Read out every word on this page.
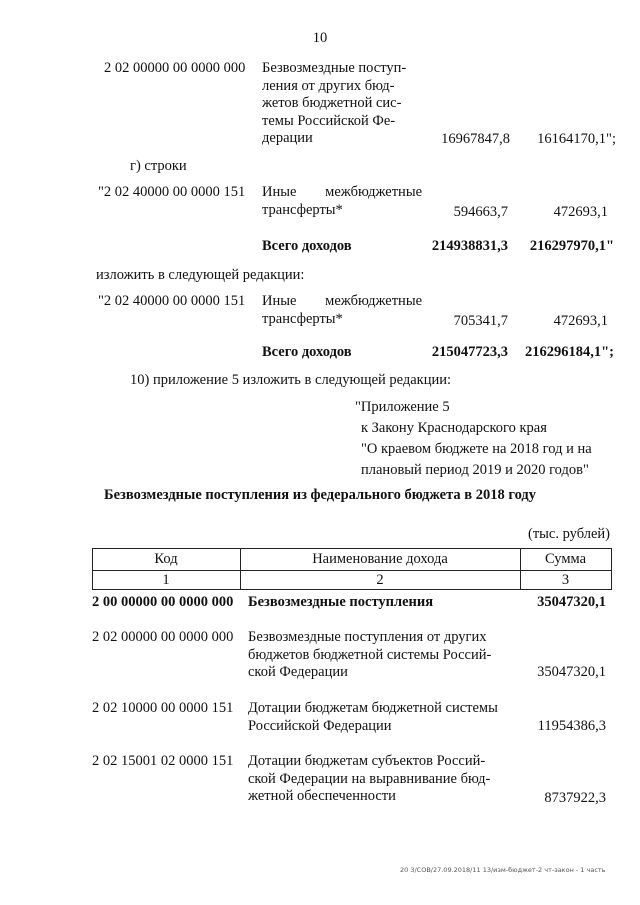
10
2 02 00000 00 0000 000 Безвозмездные поступ-
ления от других бюд-
жетов бюджетной сис-
темы Российской Фе-
дерации	16967847,8	16164170,1";
г) строки
"2 02 40000 00 0000 151 Иные межбюджетные
трансферты*	594663,7	472693,1
Всего доходов	214938831,3	216297970,1"
изложить в следующей редакции:
"2 02 40000 00 0000 151 Иные межбюджетные
трансферты*	705341,7	472693,1
Всего доходов	215047723,3	216296184,1";
10) приложение 5 изложить в следующей редакции:
"Приложение 5
к Закону Краснодарского края
"О краевом бюджете на 2018 год и на
плановый период 2019 и 2020 годов"
Безвозмездные поступления из федерального бюджета в 2018 году
(тыс. рублей)
Код	Наименование дохода	Сумма
1	2	3
2 00 00000 00 0000 000 Безвозмездные поступления	35047320,1
2 02 00000 00 0000 000 Безвозмездные поступления от других
бюджетов бюджетной системы Россий-
ской Федерации	35047320,1
2 02 10000 00 0000 151 Дотации бюджетам бюджетной системы
Российской Федерации	11954386,3
2 02 15001 02 0000 151 Дотации бюджетам субъектов Россий-
ской Федерации на выравнивание бюд-
жетной обеспеченности	8737922,3
20 3/СОВ/27.09.2018/11 13/изм-бюджет-2 чт-закон - 1 часть
